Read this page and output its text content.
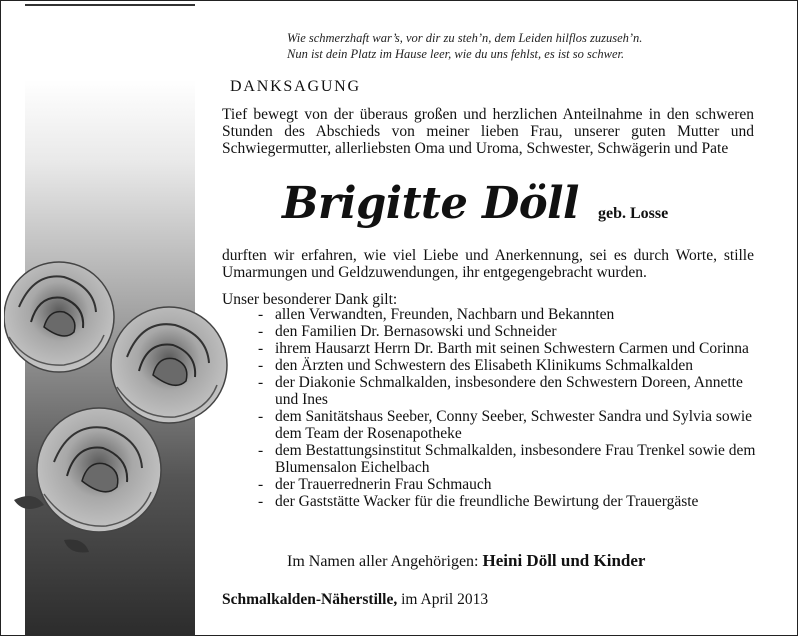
Wie schmerzhaft war’s, vor dir zu steh’n, dem Leiden hilflos zuzuseh’n.
Nun ist dein Platz im Hause leer, wie du uns fehlst, es ist so schwer.
DANKSAGUNG
Tief bewegt von der überaus großen und herzlichen Anteilnahme in den schweren Stunden des Abschieds von meiner lieben Frau, unserer guten Mutter und Schwiegermutter, allerliebsten Oma und Uroma, Schwester, Schwägerin und Pate
Brigitte Döll geb. Losse
durften wir erfahren, wie viel Liebe und Anerkennung, sei es durch Worte, stille Umarmungen und Geldzuwendungen, ihr entgegengebracht wurden.
Unser besonderer Dank gilt:
- allen Verwandten, Freunden, Nachbarn und Bekannten
- den Familien Dr. Bernasowski und Schneider
- ihrem Hausarzt Herrn Dr. Barth mit seinen Schwestern Carmen und Corinna
- den Ärzten und Schwestern des Elisabeth Klinikums Schmalkalden
- der Diakonie Schmalkalden, insbesondere den Schwestern Doreen, Annette und Ines
- dem Sanitätshaus Seeber, Conny Seeber, Schwester Sandra und Sylvia sowie dem Team der Rosenapotheke
- dem Bestattungsinstitut Schmalkalden, insbesondere Frau Trenkel sowie dem Blumensalon Eichelbach
- der Trauerrednerin Frau Schmauch
- der Gaststätte Wacker für die freundliche Bewirtung der Trauergäste
Im Namen aller Angehörigen: Heini Döll und Kinder
Schmalkalden-Näherstille, im April 2013
